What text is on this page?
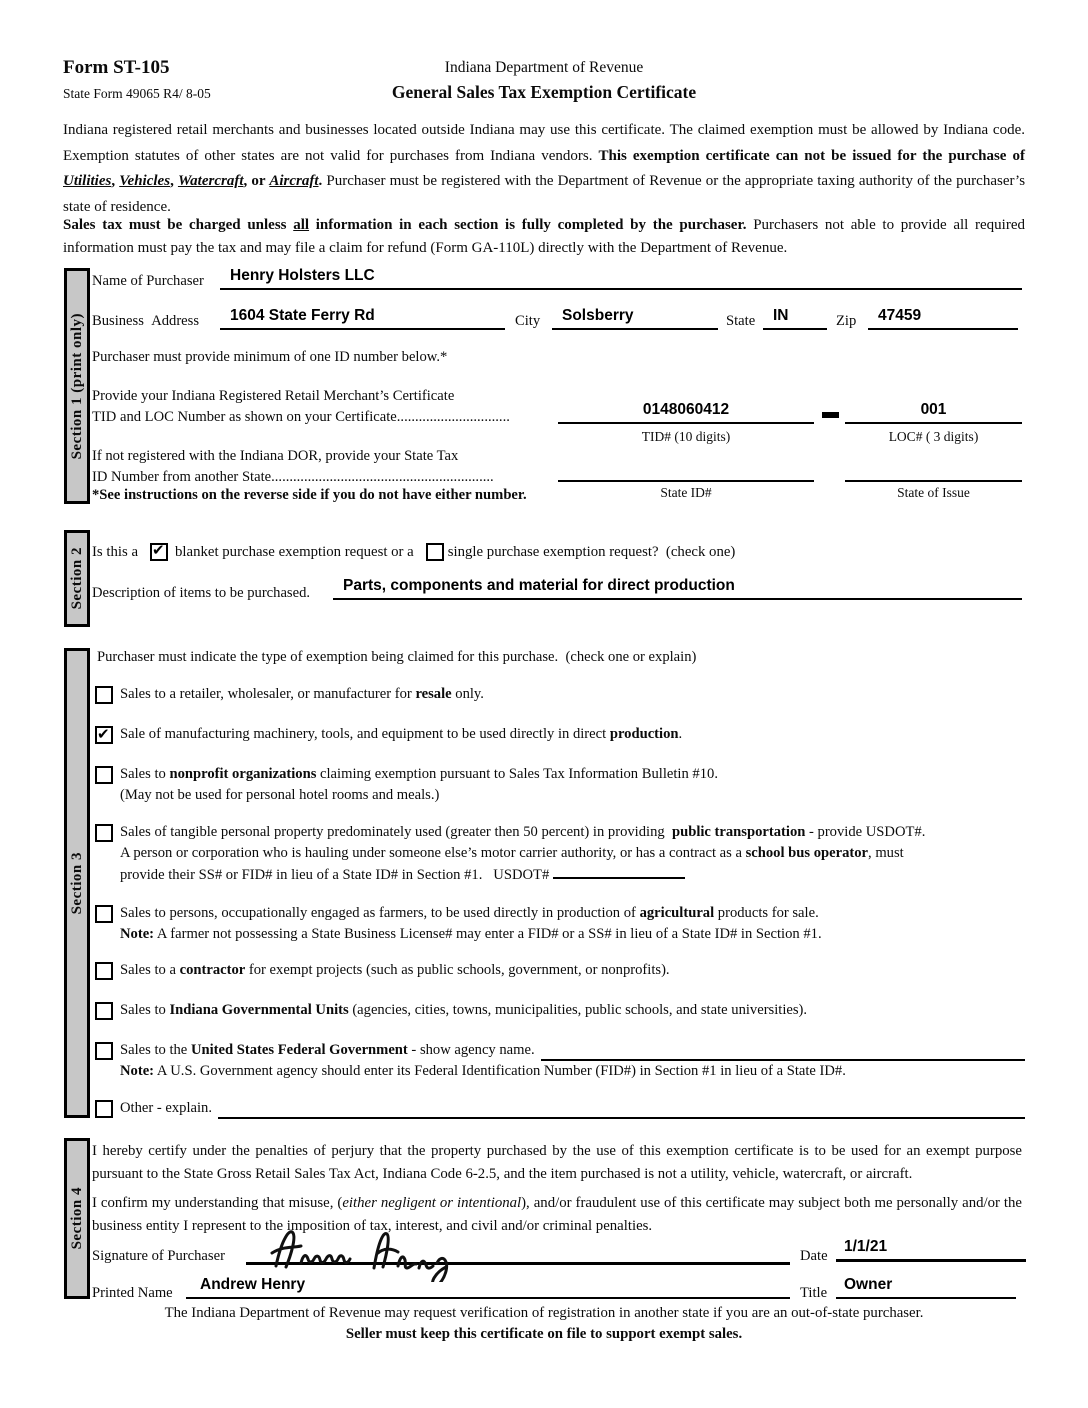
Form ST-105
State Form 49065 R4/ 8-05
Indiana Department of Revenue
General Sales Tax Exemption Certificate
Indiana registered retail merchants and businesses located outside Indiana may use this certificate. The claimed exemption must be allowed by Indiana code. Exemption statutes of other states are not valid for purchases from Indiana vendors. This exemption certificate can not be issued for the purchase of Utilities, Vehicles, Watercraft, or Aircraft. Purchaser must be registered with the Department of Revenue or the appropriate taxing authority of the purchaser’s state of residence.
Sales tax must be charged unless all information in each section is fully completed by the purchaser. Purchasers not able to provide all required information must pay the tax and may file a claim for refund (Form GA-110L) directly with the Department of Revenue.
Section 1 (print only)
Name of Purchaser Henry Holsters LLC
Business  Address 1604 State Ferry Rd	City Solsberry	State IN	Zip 47459
Purchaser must provide minimum of one ID number below.*
Provide your Indiana Registered Retail Merchant’s Certificate
TID and LOC Number as shown on your Certificate...............................	0148060412	001
TID# (10 digits)	LOC# ( 3 digits)
If not registered with the Indiana DOR, provide your State Tax
ID Number from another State.............................................................
State ID#	State of Issue
*See instructions on the reverse side if you do not have either number.
Section 2 Is this a ✔	blanket purchase exemption request or a single purchase exemption request?  (check one)
Description of items to be purchased. Parts, components and material for direct production
Section 3
Purchaser must indicate the type of exemption being claimed for this purchase.  (check one or explain)
Sales to a retailer, wholesaler, or manufacturer for resale only.
✔
Sale of manufacturing machinery, tools, and equipment to be used directly in direct production.
Sales to nonprofit organizations claiming exemption pursuant to Sales Tax Information Bulletin #10.
(May not be used for personal hotel rooms and meals.)
Sales of tangible personal property predominately used (greater then 50 percent) in providing  public transportation - provide USDOT#.
A person or corporation who is hauling under someone else’s motor carrier authority, or has a contract as a school bus operator, must
provide their SS# or FID# in lieu of a State ID# in Section #1.   USDOT#
Sales to persons, occupationally engaged as farmers, to be used directly in production of agricultural products for sale.
Note: A farmer not possessing a State Business License# may enter a FID# or a SS# in lieu of a State ID# in Section #1.
Sales to a contractor for exempt projects (such as public schools, government, or nonprofits).
Sales to Indiana Governmental Units (agencies, cities, towns, municipalities, public schools, and state universities).
Sales to the United States Federal Government - show agency name.
Note: A U.S. Government agency should enter its Federal Identification Number (FID#) in Section #1 in lieu of a State ID#.
Other - explain.
Section 4
I hereby certify under the penalties of perjury that the property purchased by the use of this exemption certificate is to be used for an exempt purpose pursuant to the State Gross Retail Sales Tax Act, Indiana Code 6-2.5, and the item purchased is not a utility, vehicle, watercraft, or aircraft.
I confirm my understanding that misuse, (either negligent or intentional), and/or fraudulent use of this certificate may subject both me personally and/or the business entity I represent to the imposition of tax, interest, and civil and/or criminal penalties.
Signature of Purchaser	Date
1/1/21
Printed Name Andrew Henry	Title Owner
The Indiana Department of Revenue may request verification of registration in another state if you are an out-of-state purchaser.
Seller must keep this certificate on file to support exempt sales.
